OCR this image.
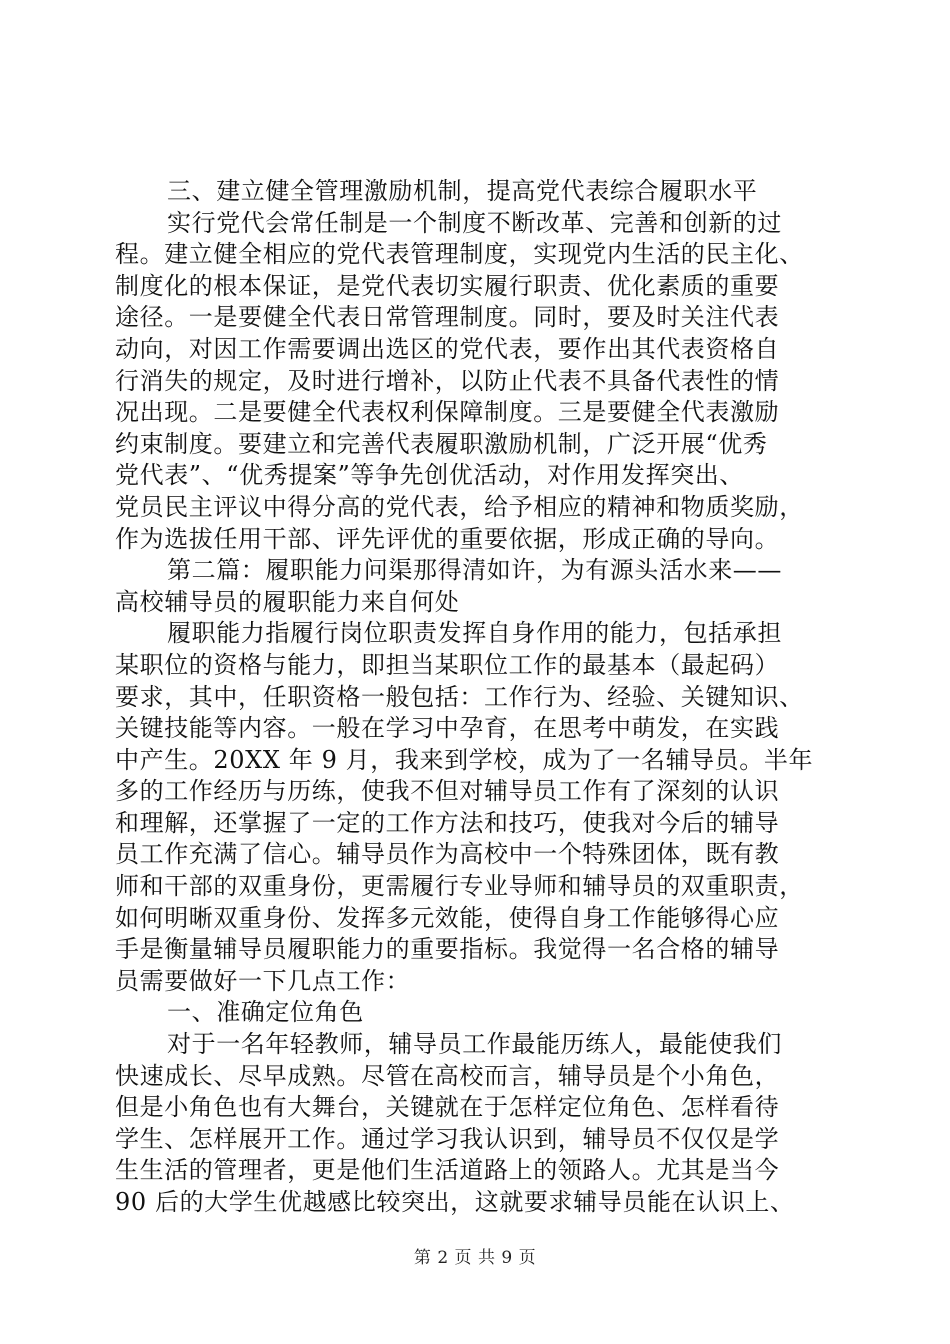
三、建立健全管理激励机制，提高党代表综合履职水平
实行党代会常任制是一个制度不断改革、完善和创新的过
程。建立健全相应的党代表管理制度，实现党内生活的民主化、
制度化的根本保证，是党代表切实履行职责、优化素质的重要
途径。一是要健全代表日常管理制度。同时，要及时关注代表
动向，对因工作需要调出选区的党代表，要作出其代表资格自
行消失的规定，及时进行增补，以防止代表不具备代表性的情
况出现。二是要健全代表权利保障制度。三是要健全代表激励
约束制度。要建立和完善代表履职激励机制，广泛开展“优秀
党代表”、“优秀提案”等争先创优活动，对作用发挥突出、
党员民主评议中得分高的党代表，给予相应的精神和物质奖励，
作为选拔任用干部、评先评优的重要依据，形成正确的导向。
第二篇：履职能力问渠那得清如许，为有源头活水来——
高校辅导员的履职能力来自何处
履职能力指履行岗位职责发挥自身作用的能力，包括承担
某职位的资格与能力，即担当某职位工作的最基本（最起码）
要求，其中，任职资格一般包括：工作行为、经验、关键知识、
关键技能等内容。一般在学习中孕育，在思考中萌发，在实践
中产生。20XX 年 9 月，我来到学校，成为了一名辅导员。半年
多的工作经历与历练，使我不但对辅导员工作有了深刻的认识
和理解，还掌握了一定的工作方法和技巧，使我对今后的辅导
员工作充满了信心。辅导员作为高校中一个特殊团体，既有教
师和干部的双重身份，更需履行专业导师和辅导员的双重职责，
如何明晰双重身份、发挥多元效能，使得自身工作能够得心应
手是衡量辅导员履职能力的重要指标。我觉得一名合格的辅导
员需要做好一下几点工作：
一、准确定位角色
对于一名年轻教师，辅导员工作最能历练人，最能使我们
快速成长、尽早成熟。尽管在高校而言，辅导员是个小角色，
但是小角色也有大舞台，关键就在于怎样定位角色、怎样看待
学生、怎样展开工作。通过学习我认识到，辅导员不仅仅是学
生生活的管理者，更是他们生活道路上的领路人。尤其是当今
90 后的大学生优越感比较突出，这就要求辅导员能在认识上、
第 2 页 共 9 页
